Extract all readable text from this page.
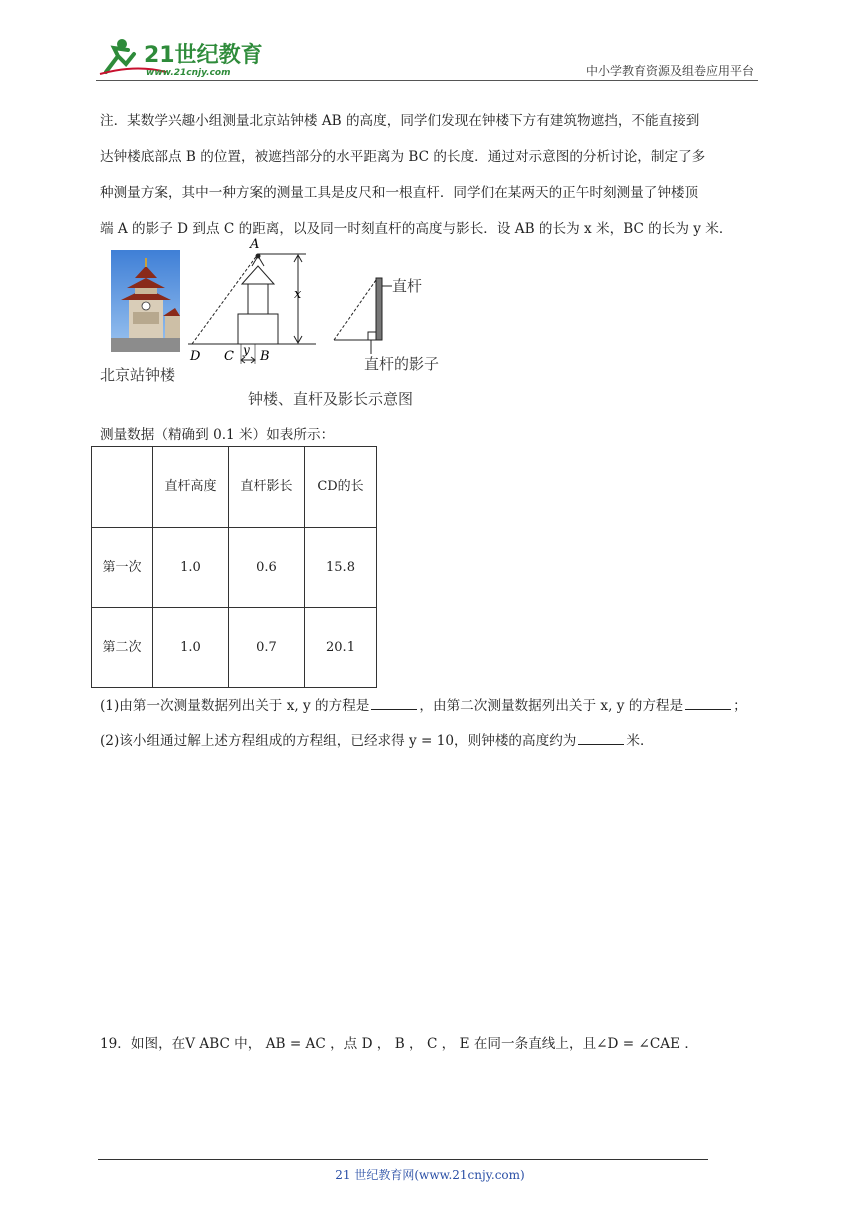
21世纪教育
www.21cnjy.com	中小学教育资源及组卷应用平台
注．某数学兴趣小组测量北京站钟楼 AB 的高度，同学们发现在钟楼下方有建筑物遮挡，不能直接到
达钟楼底部点 B 的位置，被遮挡部分的水平距离为 BC 的长度．通过对示意图的分析讨论，制定了多
种测量方案，其中一种方案的测量工具是皮尺和一根直杆．同学们在某两天的正午时刻测量了钟楼顶
端 A 的影子 D 到点 C 的距离，以及同一时刻直杆的高度与影长．设 AB 的长为 x 米，BC 的长为 y 米．
北京站钟楼
x
y
A
D C B
直杆
直杆的影子
钟楼、直杆及影长示意图
测量数据（精确到 0.1 米）如表所示：
	直杆高度	直杆影长	CD的长
第一次	1.0	0.6	15.8
第二次	1.0	0.7	20.1
(1)由第一次测量数据列出关于 x, y 的方程是	，由第二次测量数据列出关于 x, y 的方程是	；
(2)该小组通过解上述方程组成的方程组，已经求得 y = 10，则钟楼的高度约为	米．
19．如图，在V ABC 中， AB = AC ，点 D ， B ， C ， E 在同一条直线上，且∠D = ∠CAE ．
21 世纪教育网(www.21cnjy.com)
